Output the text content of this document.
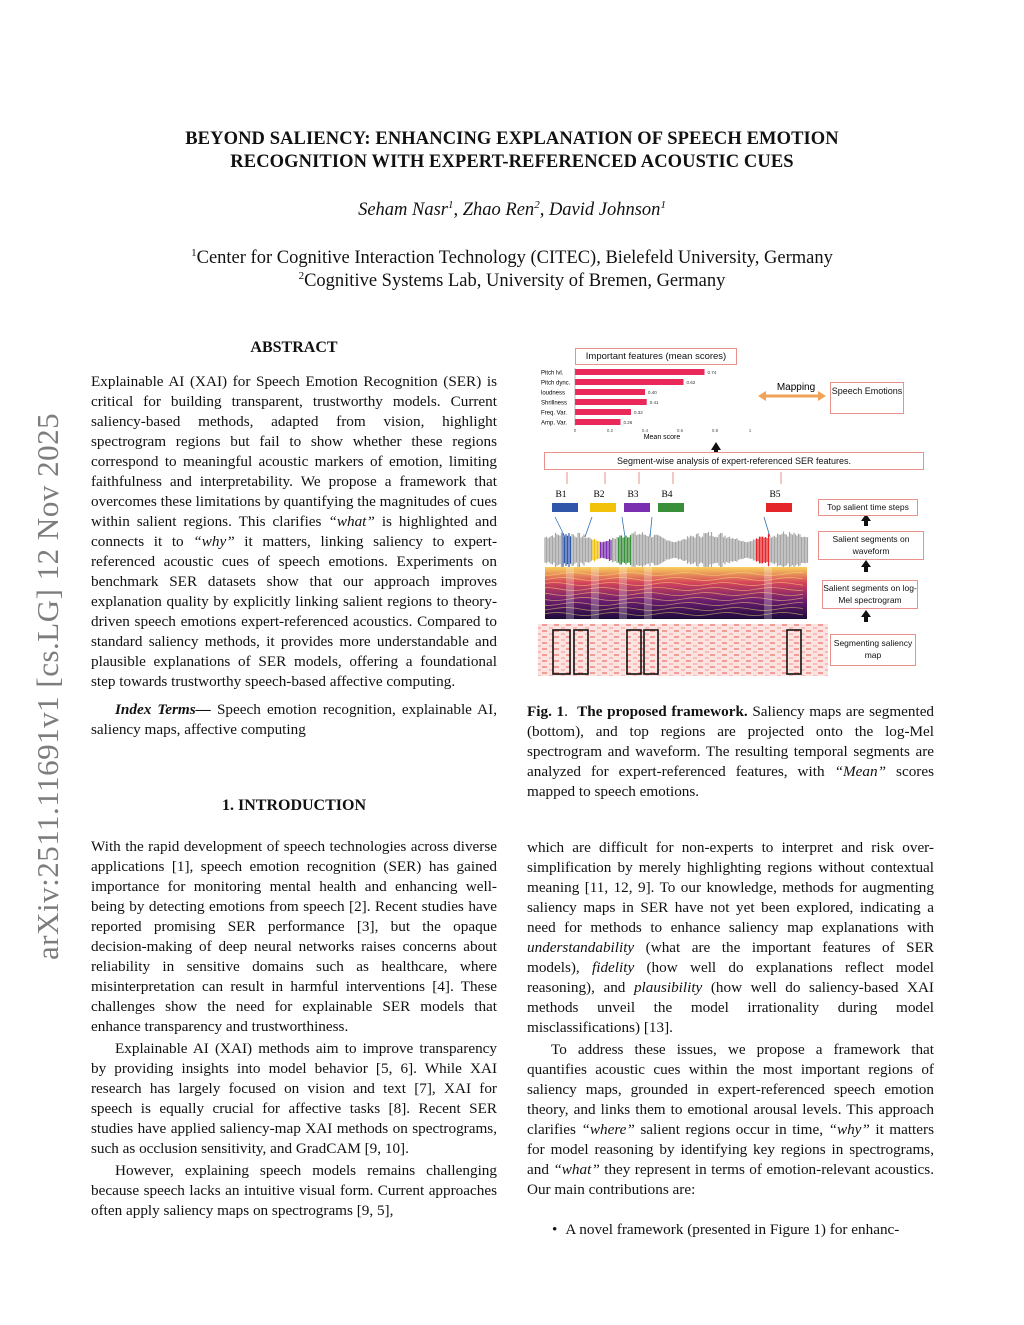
arXiv:2511.11691v1 [cs.LG] 12 Nov 2025
BEYOND SALIENCY: ENHANCING EXPLANATION OF SPEECH EMOTION
RECOGNITION WITH EXPERT-REFERENCED ACOUSTIC CUES
Seham Nasr$^1$, Zhao Ren$^2$, David Johnson$^1$
$^1$Center for Cognitive Interaction Technology (CITEC), Bielefeld University, Germany
$^2$Cognitive Systems Lab, University of Bremen, Germany
ABSTRACT

Explainable AI (XAI) for Speech Emotion Recognition (SER) is critical for building transparent, trustworthy models. Current saliency-based methods, adapted from vision, highlight spectrogram regions but fail to show whether these regions correspond to meaningful acoustic markers of emotion, limiting faithfulness and interpretability. We propose a framework that overcomes these limitations by quantifying the magnitudes of cues within salient regions. This clarifies “what” is highlighted and connects it to “why” it matters, linking saliency to expert-referenced acoustic cues of speech emotions. Experiments on benchmark SER datasets show that our approach improves explanation quality by explicitly linking salient regions to theory-driven speech emotions expert-referenced acoustics. Compared to standard saliency methods, it provides more understandable and plausible explanations of SER models, offering a foundational step towards trustworthy speech-based affective computing.

Index Terms— Speech emotion recognition, explainable AI, saliency maps, affective computing

1. INTRODUCTION

With the rapid development of speech technologies across diverse applications [1], speech emotion recognition (SER) has gained importance for monitoring mental health and enhancing well-being by detecting emotions from speech [2]. Recent studies have reported promising SER performance [3], but the opaque decision-making of deep neural networks raises concerns about reliability in sensitive domains such as healthcare, where misinterpretation can result in harmful interventions [4]. These challenges show the need for explainable SER models that enhance transparency and trustworthiness.

Explainable AI (XAI) methods aim to improve transparency by providing insights into model behavior [5, 6]. While XAI research has largely focused on vision and text [7], XAI for speech is equally crucial for affective tasks [8]. Recent SER studies have applied saliency-map XAI methods on spectrograms, such as occlusion sensitivity, and GradCAM [9, 10].

However, explaining speech models remains challenging because speech lacks an intuitive visual form. Current approaches often apply saliency maps on spectrograms [9, 5],

Pitch lvl.	0.74
Pitch dync.	0.62
loudness	0.40
Shrillness	0.41
Freq. Var.	0.32
Amp. Var.	0.26
0	0.2	0.4	0.6	0.8	1
Mean score
Mapping
B1	B2 B3 B4	B5
Important features (mean scores)
Speech Emotions
Segment-wise analysis of expert-referenced SER features.
Top salient time steps
Salient segments on waveform
Salient segments on log-Mel spectrogram
Segmenting saliency map
Fig. 1. The proposed framework. Saliency maps are segmented (bottom), and top regions are projected onto the log-Mel spectrogram and waveform. The resulting temporal segments are analyzed for expert-referenced features, with “Mean” scores mapped to speech emotions.

which are difficult for non-experts to interpret and risk over-simplification by merely highlighting regions without contextual meaning [11, 12, 9]. To our knowledge, methods for augmenting saliency maps in SER have not yet been explored, indicating a need for methods to enhance saliency map explanations with understandability (what are the important features of SER models), fidelity (how well do explanations reflect model reasoning), and plausibility (how well do saliency-based XAI methods unveil the model irrationality during model misclassifications) [13].

To address these issues, we propose a framework that quantifies acoustic cues within the most important regions of saliency maps, grounded in expert-referenced speech emotion theory, and links them to emotional arousal levels. This approach clarifies “where” salient regions occur in time, “why” it matters for model reasoning by identifying key regions in spectrograms, and “what” they represent in terms of emotion-relevant acoustics. Our main contributions are:

• A novel framework (presented in Figure 1) for enhanc-
